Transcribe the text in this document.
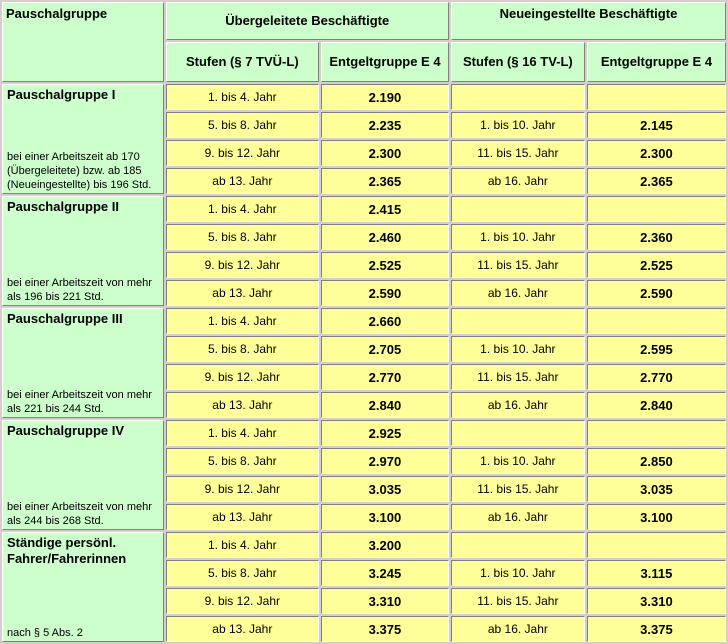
Pauschalgruppe	Übergeleitete Beschäftigte		Neueingestellte Beschäftigte	
	Stufen (§ 7 TVÜ-L)	Entgeltgruppe E 4	Stufen (§ 16 TV-L)	Entgeltgruppe E 4

Pauschalgruppe I
bei einer Arbeitszeit ab 170 (Übergeleitete) bzw. ab 185 (Neueingestellte) bis 196 Std.	1. bis 4. Jahr	2.190		
	5. bis 8. Jahr	2.235	1. bis 10. Jahr	2.145
	9. bis 12. Jahr	2.300	11. bis 15. Jahr	2.300
	ab 13. Jahr	2.365	ab 16. Jahr	2.365

Pauschalgruppe II
bei einer Arbeitszeit von mehr als 196 bis 221 Std.	1. bis 4. Jahr	2.415		
	5. bis 8. Jahr	2.460	1. bis 10. Jahr	2.360
	9. bis 12. Jahr	2.525	11. bis 15. Jahr	2.525
	ab 13. Jahr	2.590	ab 16. Jahr	2.590

Pauschalgruppe III
bei einer Arbeitszeit von mehr als 221 bis 244 Std.	1. bis 4. Jahr	2.660		
	5. bis 8. Jahr	2.705	1. bis 10. Jahr	2.595
	9. bis 12. Jahr	2.770	11. bis 15. Jahr	2.770
	ab 13. Jahr	2.840	ab 16. Jahr	2.840

Pauschalgruppe IV
bei einer Arbeitszeit von mehr als 244 bis 268 Std.	1. bis 4. Jahr	2.925		
	5. bis 8. Jahr	2.970	1. bis 10. Jahr	2.850
	9. bis 12. Jahr	3.035	11. bis 15. Jahr	3.035
	ab 13. Jahr	3.100	ab 16. Jahr	3.100

Ständige persönl. Fahrer/Fahrerinnen
nach § 5 Abs. 2	1. bis 4. Jahr	3.200		
	5. bis 8. Jahr	3.245	1. bis 10. Jahr	3.115
	9. bis 12. Jahr	3.310	11. bis 15. Jahr	3.310
	ab 13. Jahr	3.375	ab 16. Jahr	3.375
